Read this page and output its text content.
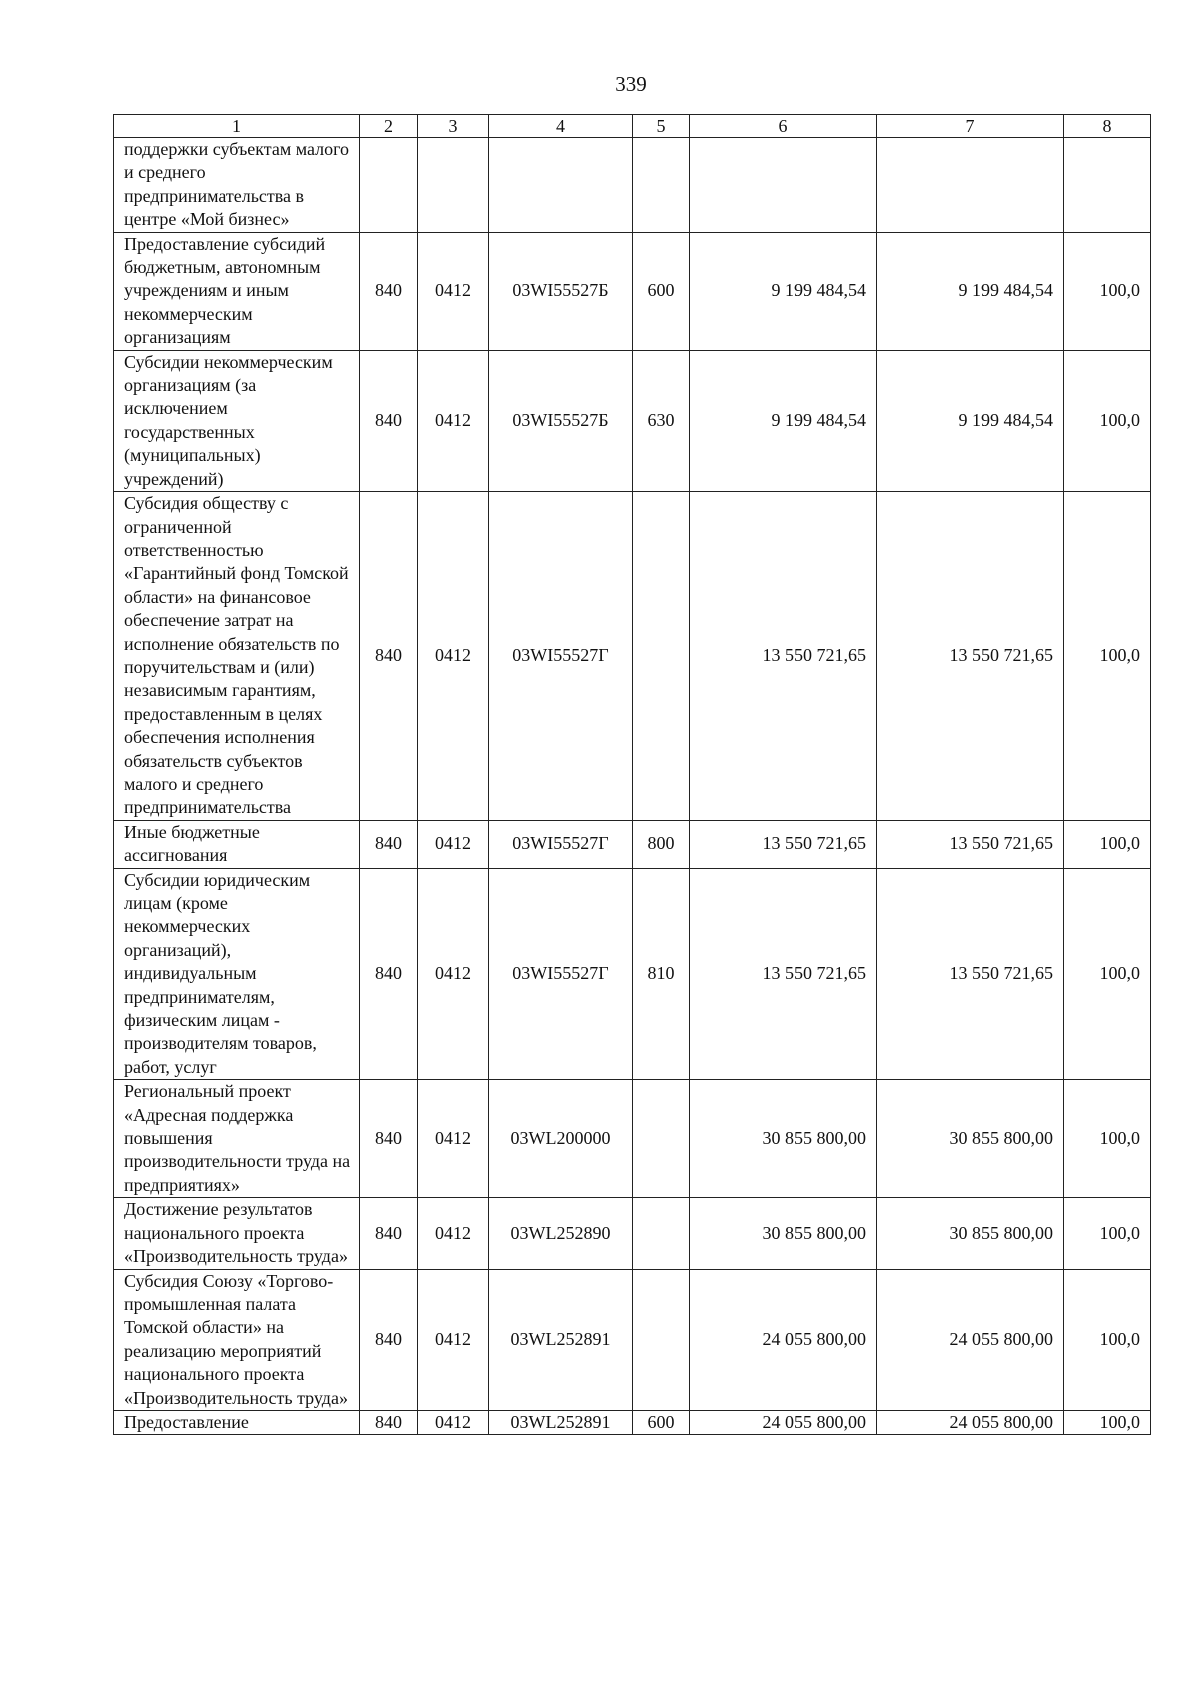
339
1	2	3	4	5	6	7	8
поддержки субъектам малого и среднего предпринимательства в центре «Мой бизнес»							
Предоставление субсидий бюджетным, автономным учреждениям и иным некоммерческим организациям	840	0412	03WI55527Б	600	9 199 484,54	9 199 484,54	100,0
Субсидии некоммерческим организациям (за исключением государственных (муниципальных) учреждений)	840	0412	03WI55527Б	630	9 199 484,54	9 199 484,54	100,0
Субсидия обществу с ограниченной ответственностью «Гарантийный фонд Томской области» на финансовое обеспечение затрат на исполнение обязательств по поручительствам и (или) независимым гарантиям, предоставленным в целях обеспечения исполнения обязательств субъектов малого и среднего предпринимательства	840	0412	03WI55527Г		13 550 721,65	13 550 721,65	100,0
Иные бюджетные ассигнования	840	0412	03WI55527Г	800	13 550 721,65	13 550 721,65	100,0
Субсидии юридическим лицам (кроме некоммерческих организаций), индивидуальным предпринимателям, физическим лицам - производителям товаров, работ, услуг	840	0412	03WI55527Г	810	13 550 721,65	13 550 721,65	100,0
Региональный проект «Адресная поддержка повышения производительности труда на предприятиях»	840	0412	03WL200000		30 855 800,00	30 855 800,00	100,0
Достижение результатов национального проекта «Производительность труда»	840	0412	03WL252890		30 855 800,00	30 855 800,00	100,0
Субсидия Союзу «Торгово-промышленная палата Томской области» на реализацию мероприятий национального проекта «Производительность труда»	840	0412	03WL252891		24 055 800,00	24 055 800,00	100,0
Предоставление	840	0412	03WL252891	600	24 055 800,00	24 055 800,00	100,0
